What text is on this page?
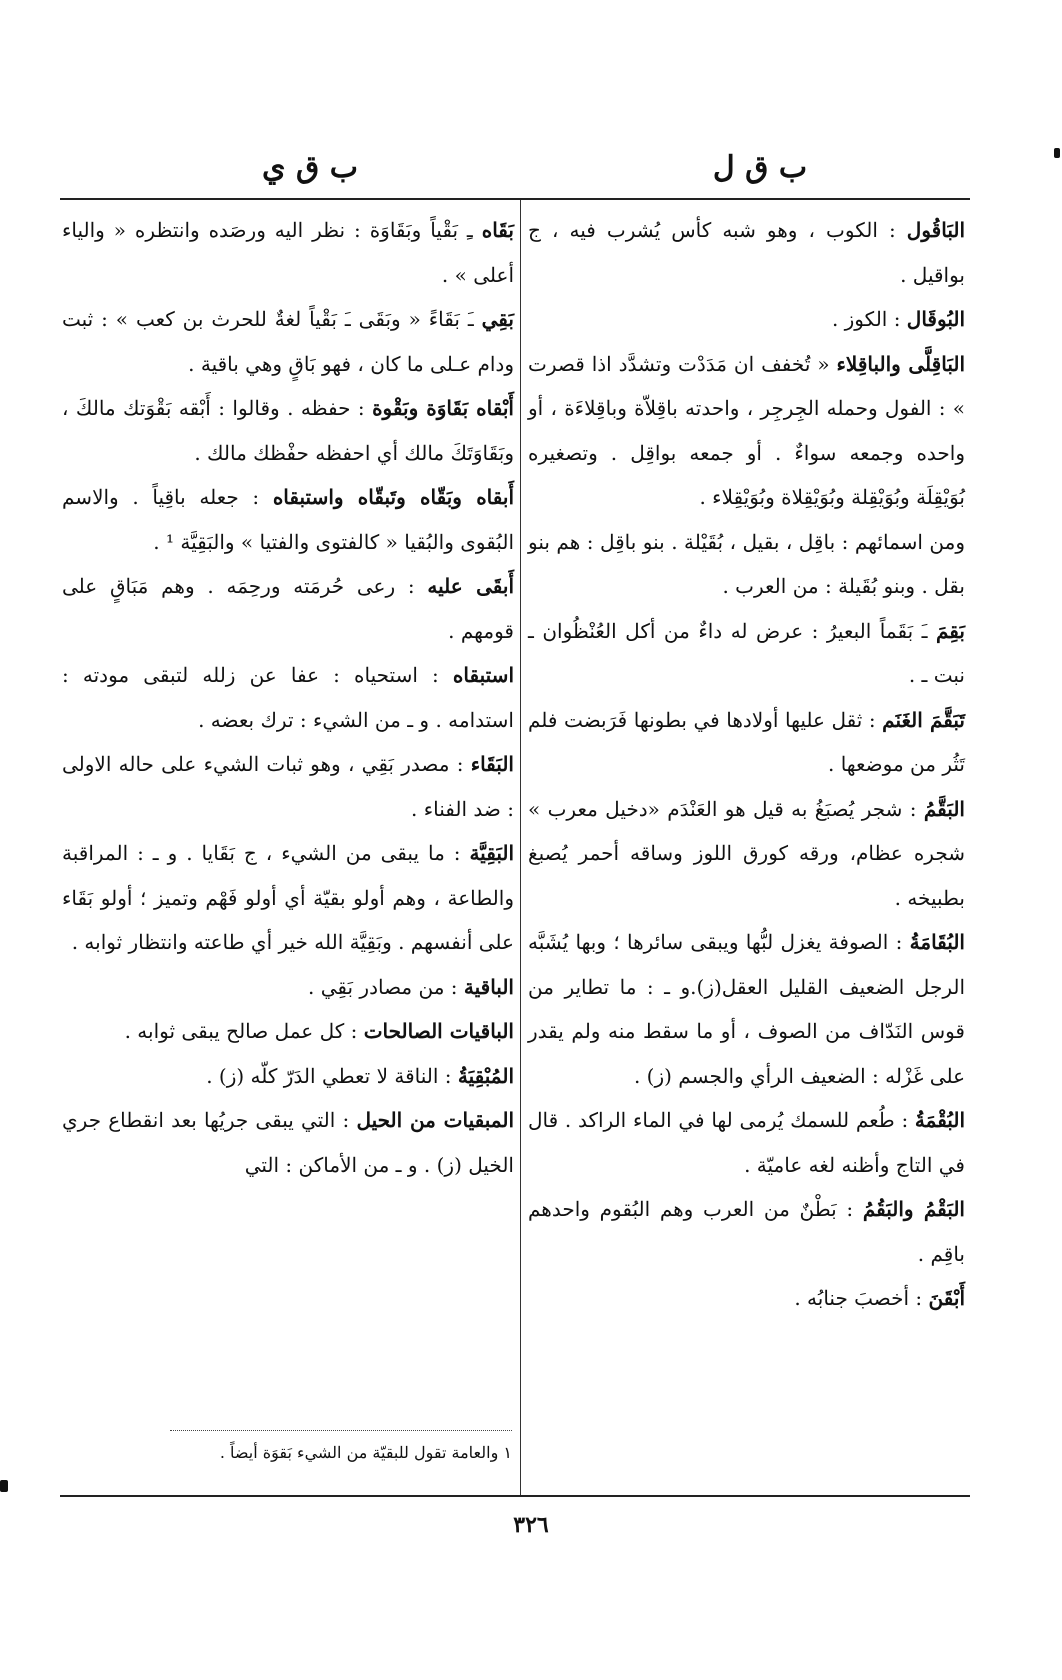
ب ق ل
ب ق ي

البَاقُول : الكوب ، وهو شبه كأس يُشرب فيه ، ج بواقيل .

البُوقَال : الكوز .

البَاقِلَّى والباقِلاء « تُخفف ان مَدَدْت وتشدَّد اذا قصرت » : الفول وحمله الجِرجِر ، واحدته باقِلاّة وباقِلاءَة ، أو واحده وجمعه سواءٌ . أو جمعه بواقِل . وتصغيره بُوَيْقِلَة وبُوَيْقِلة وبُوَيْقِلاة وبُوَيْقِلاء .

ومن اسمائهم : باقِل ، بقيل ، بُقَيْلة . بنو باقِل : هم بنو بقل . وبنو بُقَيلة : من العرب .

بَقِمَ ـَ بَقَماً البعيرُ : عرض له داءٌ من أكل العُنْظُوان ـ نبت ـ .

تَبَقَّمَ الغَنَم : ثقل عليها أولادها في بطونها فَرَبضت فلم تَثُر من موضعها .

البَقَّمُ : شجر يُصبَغُ به قيل هو العَنْدَم «دخيل معرب » شجره عظام، ورقه كورق اللوز وساقه أحمر يُصبغ بطبيخه .

البُقَامَةُ : الصوفة يغزل لبُّها ويبقى سائرها ؛ وبها يُشَبَّه الرجل الضعيف القليل العقل(ز).و ـ : ما تطاير من قوس النَدّاف من الصوف ، أو ما سقط منه ولم يقدر على غَزْله : الضعيف الرأي والجسم (ز) .

البُقْمَةُ : طُعم للسمك يُرمى لها في الماء الراكد . قال في التاج وأظنه لغه عاميّة .

البَقْمُ والبَقُمُ : بَطْنٌ من العرب وهم البُقوم واحدهم باقِم .

أَبْقَنَ : أخصبَ جنابُه .

بَقَاه ـِ بَقْياً وبَقَاوَة : نظر اليه ورصَده وانتظره « والياء أعلى » .

بَقِي ـَ بَقَاءً « وبَقَى ـَ بَقْياً لغةٌ للحرث بن كعب » : ثبت ودام عـلى ما كان ، فهو بَاقٍ وهي باقية .

أَبْقاه بَقَاوَة وبَقْوة : حفظه . وقالوا : أَبْقه بَقْوَتك مالكَ ، وبَقَاوَتَكَ مالك أي احفظه حفْظك مالك .

أَبقاه وبَقّاه وتَبقّاه واستبقاه : جعله باقِياً . والاسم البُقوى والبُقيا « كالفتوى والفتيا » والبَقِيَّة ¹ .

أَبقَى عليه : رعى حُرمَته ورحِمَه . وهم مَبَاقٍ على قومهم .

استبقاه : استحياه : عفا عن زلله لتبقى مودته : استدامه . و ـ من الشيء : ترك بعضه .

البَقَاء : مصدر بَقِي ، وهو ثبات الشيء على حاله الاولى : ضد الفناء .

البَقِيَّة : ما يبقى من الشيء ، ج بَقَايا . و ـ : المراقبة والطاعة ، وهم أولو بقيّة أي أولو فَهْم وتميز ؛ أولو بَقَاء على أنفسهم . وبَقِيَّة الله خير أي طاعته وانتظار ثوابه .

الباقية : من مصادر بَقِي .

الباقيات الصالحات : كل عمل صالح يبقى ثوابه .

المُبْقِيَةُ : الناقة لا تعطي الدَرّ كلّه (ز) .

المبقيات من الحيل : التي يبقى جريُها بعد انقطاع جري الخيل (ز) . و ـ من الأماكن : التي

١ والعامة تقول للبقيّة من الشيء بَقوَة أيضاً .
٣٢٦
